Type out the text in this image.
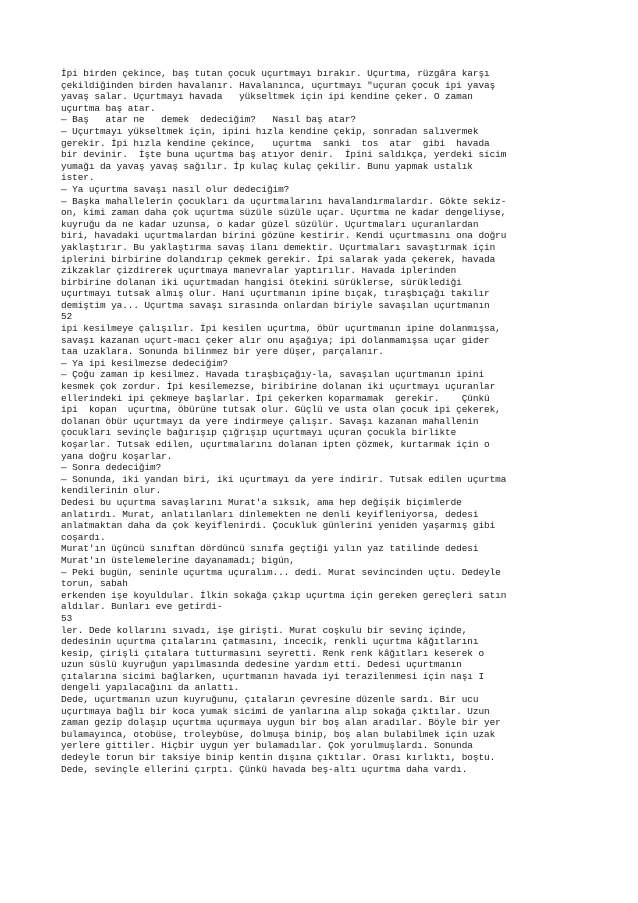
İpi birden çekince, baş tutan çocuk uçurtmayı bırakır. Uçurtma, rüzgâra karşı
çekildiğinden birden havalanır. Havalanınca, uçurtmayı "uçuran çocuk ipi yavaş
yavaş salar. Uçurtmayı havada   yükseltmek için ipi kendine çeker. O zaman
uçurtma baş atar.
— Baş   atar ne   demek  dedeciğim?   Nasıl baş atar?
— Uçurtmayı yükseltmek için, ipini hızla kendine çekip, sonradan salıvermek
gerekir. İpi hızla kendine çekince,   uçurtma  sanki  tos  atar  gibi  havada
bir devinir.  İşte buna uçurtma baş atıyor denir.  İpini saldıkça, yerdeki sicim
yumağı da yavaş yavaş sağılır. İp kulaç kulaç çekilir. Bunu yapmak ustalık
ister.
— Ya uçurtma savaşı nasıl olur dedeciğim?
— Başka mahallelerin çocukları da uçurtmalarını havalandırmalardır. Gökte sekiz-
on, kimi zaman daha çok uçurtma süzüle süzüle uçar. Uçurtma ne kadar dengeliyse,
kuyruğu da ne kadar uzunsa, o kadar güzel süzülür. Uçurtmaları uçuranlardan
biri, havadaki uçurtmalardan birini gözüne kestirir. Kendi uçurtmasını ona doğru
yaklaştırır. Bu yaklaştırma savaş ilanı demektir. Uçurtmaları savaştırmak için
iplerini birbirine dolandırıp çekmek gerekir. İpi salarak yada çekerek, havada
zikzaklar çizdirerek uçurtmaya manevralar yaptırılır. Havada iplerinden
birbirine dolanan iki uçurtmadan hangisi ötekini sürüklerse, sürüklediği
uçurtmayı tutsak almış olur. Hani uçurtmanın ipine bıçak, tıraşbıçağı takılır
demiştim ya... Uçurtma savaşı sırasında onlardan biriyle savaşılan uçurtmanın
52
ipi kesilmeye çalışılır. İpi kesilen uçurtma, öbür uçurtmanın ipine dolanmışsa,
savaşı kazanan uçurt-macı çeker alır onu aşağıya; ipi dolanmamışsa uçar gider
taa uzaklara. Sonunda bilinmez bir yere düşer, parçalanır.
— Ya ipi kesilmezse dedeciğim?
— Çoğu zaman ip kesilmez. Havada tıraşbıçağıy-la, savaşılan uçurtmanın ipini
kesmek çok zordur. İpi kesilemezse, biribirine dolanan iki uçurtmayı uçuranlar
ellerindeki ipi çekmeye başlarlar. İpi çekerken koparmamak  gerekir.    Çünkü
ipi  kopan  uçurtma, öbürüne tutsak olur. Güçlü ve usta olan çocuk ipi çekerek,
dolanan öbür uçurtmayı da yere indirmeye çalışır. Savaşı kazanan mahallenin
çocukları sevinçle bağırışıp çığrışıp uçurtmayı uçuran çocukla birlikte
koşarlar. Tutsak edilen, uçurtmalarını dolanan ipten çözmek, kurtarmak için o
yana doğru koşarlar.
— Sonra dedeciğim?
— Sonunda, iki yandan biri, iki uçurtmayı da yere indirir. Tutsak edilen uçurtma
kendilerinin olur.
Dedesi bu uçurtma savaşlarını Murat'a sıksık, ama hep değişik biçimlerde
anlatırdı. Murat, anlatılanları dinlemekten ne denli keyifleniyorsa, dedesi
anlatmaktan daha da çok keyiflenirdi. Çocukluk günlerini yeniden yaşarmış gibi
coşardı.
Murat'ın üçüncü sınıftan dördüncü sınıfa geçtiği yılın yaz tatilinde dedesi
Murat'ın üstelemelerine dayanamadı; bigün,
— Peki bugün, seninle uçurtma uçuralım... dedi. Murat sevincinden uçtu. Dedeyle
torun, sabah
erkenden işe koyuldular. İlkin sokağa çıkıp uçurtma için gereken gereçleri satın
aldılar. Bunları eve getirdi-
53
ler. Dede kollarını sıvadı, işe girişti. Murat coşkulu bir sevinç içinde,
dedesinin uçurtma çıtalarını çatmasını, incecik, renkli uçurtma kâğıtlarını
kesip, çirişli çıtalara tutturmasını seyretti. Renk renk kâğıtları keserek o
uzun süslü kuyruğun yapılmasında dedesine yardım etti. Dedesi uçurtmanın
çıtalarına sicimi bağlarken, uçurtmanın havada iyi terazilenmesi için naşı I
dengeli yapılacağını da anlattı.
Dede, uçurtmanın uzun kuyruğunu, çıtaların çevresine düzenle sardı. Bir ucu
uçurtmaya bağlı bir koca yumak sicimi de yanlarına alıp sokağa çıktılar. Uzun
zaman gezip dolaşıp uçurtma uçurmaya uygun bir boş alan aradılar. Böyle bir yer
bulamayınca, otobüse, troleybüse, dolmuşa binip, boş alan bulabilmek için uzak
yerlere gittiler. Hiçbir uygun yer bulamadılar. Çok yorulmuşlardı. Sonunda
dedeyle torun bir taksiye binip kentin dışına çıktılar. Orası kırlıktı, boştu.
Dede, sevinçle ellerini çırptı. Çünkü havada beş-altı uçurtma daha vardı.
